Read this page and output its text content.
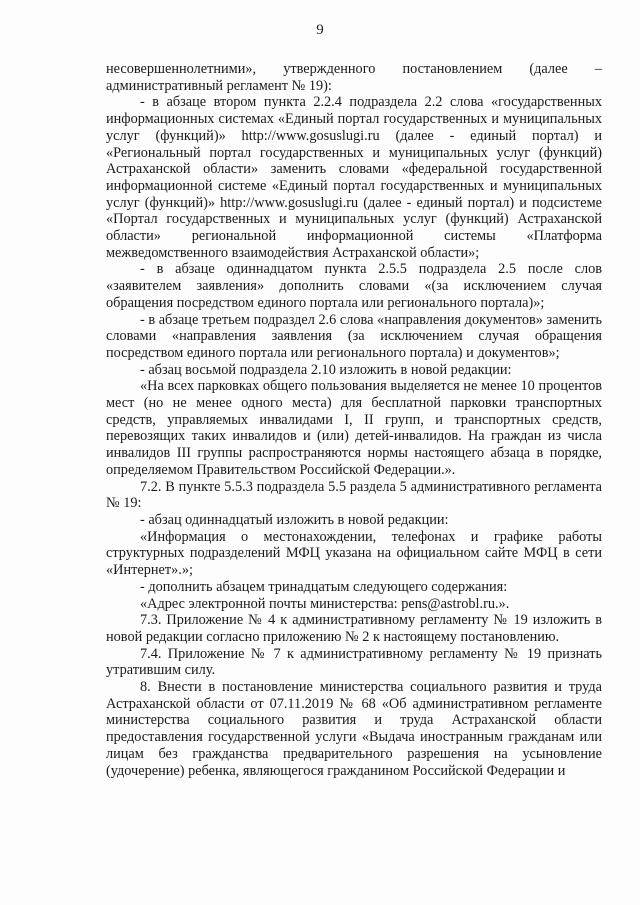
9

несовершеннолетними», утвержденного постановлением (далее – административный регламент № 19):

- в абзаце втором пункта 2.2.4 подраздела 2.2 слова «государственных информационных системах «Единый портал государственных и муниципальных услуг (функций)» http://www.gosuslugi.ru (далее - единый портал) и «Региональный портал государственных и муниципальных услуг (функций) Астраханской области» заменить словами «федеральной государственной информационной системе «Единый портал государственных и муниципальных услуг (функций)» http://www.gosuslugi.ru (далее - единый портал) и подсистеме «Портал государственных и муниципальных услуг (функций) Астраханской области» региональной информационной системы «Платформа межведомственного взаимодействия Астраханской области»;

- в абзаце одиннадцатом пункта 2.5.5 подраздела 2.5 после слов «заявителем заявления» дополнить словами «(за исключением случая обращения посредством единого портала или регионального портала)»;

- в абзаце третьем подраздел 2.6 слова «направления документов» заменить словами «направления заявления (за исключением случая обращения посредством единого портала или регионального портала) и документов»;

- абзац восьмой подраздела 2.10 изложить в новой редакции:

«На всех парковках общего пользования выделяется не менее 10 процентов мест (но не менее одного места) для бесплатной парковки транспортных средств, управляемых инвалидами I, II групп, и транспортных средств, перевозящих таких инвалидов и (или) детей-инвалидов. На граждан из числа инвалидов III группы распространяются нормы настоящего абзаца в порядке, определяемом Правительством Российской Федерации.».

7.2. В пункте 5.5.3 подраздела 5.5 раздела 5 административного регламента № 19:

- абзац одиннадцатый изложить в новой редакции:

«Информация о местонахождении, телефонах и графике работы структурных подразделений МФЦ указана на официальном сайте МФЦ в сети «Интернет».»;

- дополнить абзацем тринадцатым следующего содержания:

«Адрес электронной почты министерства: pens@astrobl.ru.».

7.3. Приложение № 4 к административному регламенту № 19 изложить в новой редакции согласно приложению № 2 к настоящему постановлению.

7.4. Приложение № 7 к административному регламенту № 19 признать утратившим силу.

8. Внести в постановление министерства социального развития и труда Астраханской области от 07.11.2019 № 68 «Об административном регламенте министерства социального развития и труда Астраханской области предоставления государственной услуги «Выдача иностранным гражданам или лицам без гражданства предварительного разрешения на усыновление (удочерение) ребенка, являющегося гражданином Российской Федерации и
